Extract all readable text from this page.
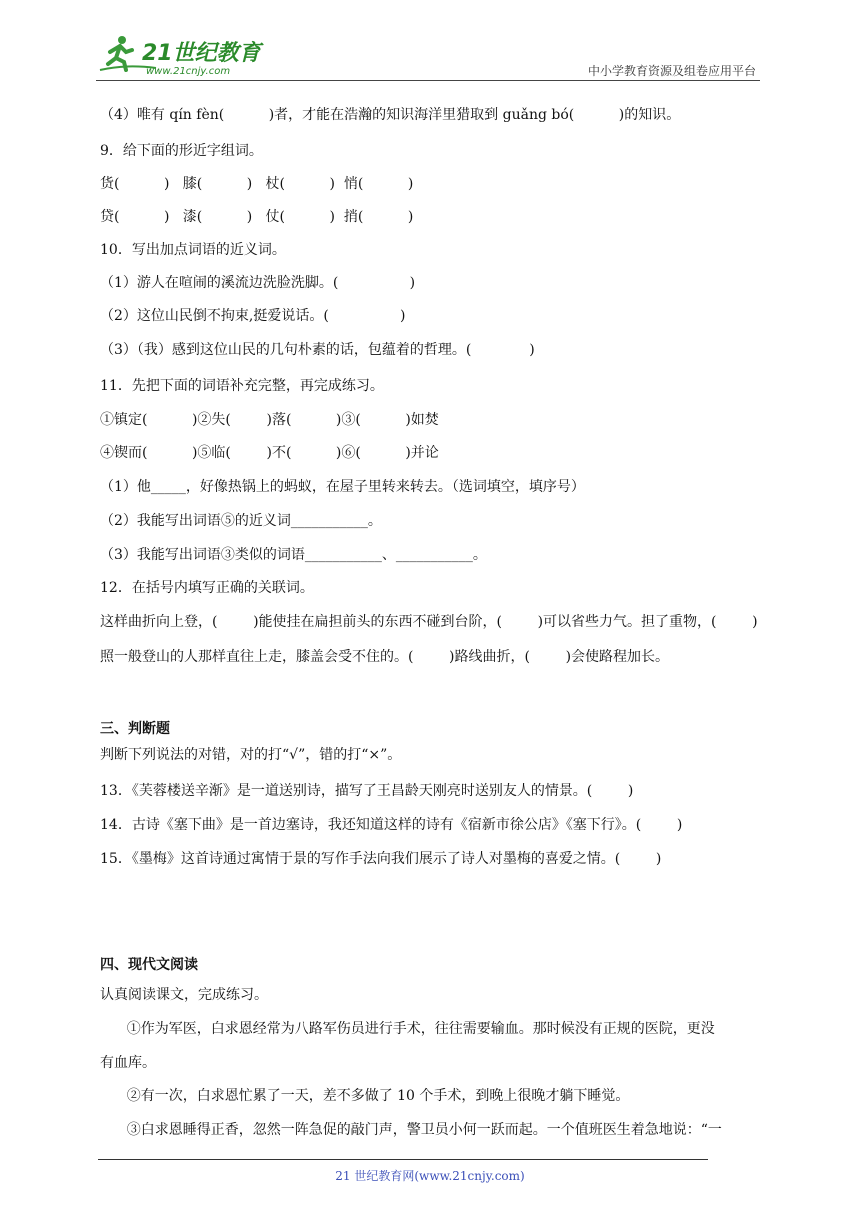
21世纪教育
www.21cnjy.com	中小学教育资源及组卷应用平台
（4）唯有 qín fèn(          )者，才能在浩瀚的知识海洋里猎取到 guǎng bó(          )的知识。
9．给下面的形近字组词。
货(          )   膝(          )   杖(          )  悄(          )
贷(          )   漆(          )   仗(          )  捎(          )
10．写出加点词语的近义词。
（1）游人在喧闹的溪流边洗脸洗脚。(                )
（2）这位山民倒不拘束,挺爱说话。(                )
（3）（我）感到这位山民的几句朴素的话，包蕴着的哲理。(             )
11．先把下面的词语补充完整，再完成练习。
①镇定(          )②失(        )落(          )③(          )如焚
④锲而(          )⑤临(        )不(          )⑥(          )并论
（1）他_____，好像热锅上的蚂蚁，在屋子里转来转去。（选词填空，填序号）
（2）我能写出词语⑤的近义词___________。
（3）我能写出词语③类似的词语___________、___________。
12．在括号内填写正确的关联词。
这样曲折向上登，(        )能使挂在扁担前头的东西不碰到台阶，(        )可以省些力气。担了重物，(        )
照一般登山的人那样直往上走，膝盖会受不住的。(        )路线曲折，(        )会使路程加长。
三、判断题
判断下列说法的对错，对的打“√”，错的打“×”。
13．《芙蓉楼送辛渐》是一道送别诗，描写了王昌龄天刚亮时送别友人的情景。(        )
14．古诗《塞下曲》是一首边塞诗，我还知道这样的诗有《宿新市徐公店》《塞下行》。(        )
15．《墨梅》这首诗通过寓情于景的写作手法向我们展示了诗人对墨梅的喜爱之情。(        )
四、现代文阅读
认真阅读课文，完成练习。
①作为军医，白求恩经常为八路军伤员进行手术，往往需要输血。那时候没有正规的医院，更没
有血库。
②有一次，白求恩忙累了一天，差不多做了 10 个手术，到晚上很晚才躺下睡觉。
③白求恩睡得正香，忽然一阵急促的敲门声，警卫员小何一跃而起。一个值班医生着急地说：“一
21 世纪教育网(www.21cnjy.com)
